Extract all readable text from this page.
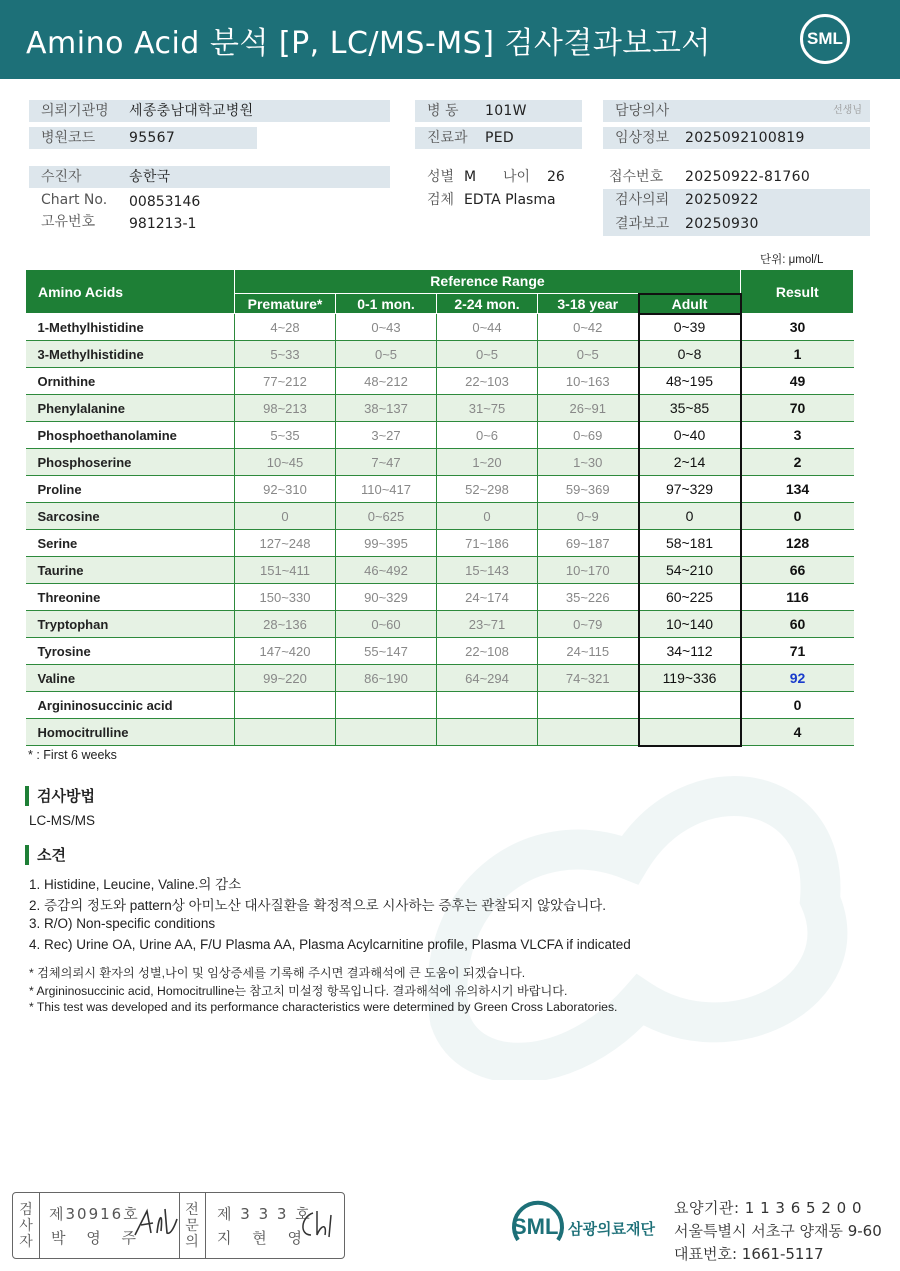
Amino Acid 분석 [P, LC/MS-MS] 검사결과보고서	SML
의뢰기관명 세종충남대학교병원
병원코드 95567
수진자	송한국
Chart No. 00853146
고유번호 981213-1
병 동 101W
진료과 PED
성별 M 나이 26
검체 EDTA Plasma
담당의사	선생님
임상정보 2025092100819
접수번호 20250922-81760
검사의뢰 20250922
결과보고 20250930
단위: μmol/L
Amino Acids	Reference Range					Result
	Premature*	0-1 mon.	2-24 mon.	3-18 year	Adult	
1-Methylhistidine	4~28	0~43	0~44	0~42	0~39	30
3-Methylhistidine	5~33	0~5	0~5	0~5	0~8	1
Ornithine	77~212	48~212	22~103	10~163	48~195	49
Phenylalanine	98~213	38~137	31~75	26~91	35~85	70
Phosphoethanolamine	5~35	3~27	0~6	0~69	0~40	3
Phosphoserine	10~45	7~47	1~20	1~30	2~14	2
Proline	92~310	110~417	52~298	59~369	97~329	134
Sarcosine	0	0~625	0	0~9	0	0
Serine	127~248	99~395	71~186	69~187	58~181	128
Taurine	151~411	46~492	15~143	10~170	54~210	66
Threonine	150~330	90~329	24~174	35~226	60~225	116
Tryptophan	28~136	0~60	23~71	0~79	10~140	60
Tyrosine	147~420	55~147	22~108	24~115	34~112	71
Valine	99~220	86~190	64~294	74~321	119~336	92
Argininosuccinic acid						0
Homocitrulline						4
* : First 6 weeks
검사방법
LC-MS/MS
소견
1. Histidine, Leucine, Valine.의 감소
2. 증감의 정도와 pattern상 아미노산 대사질환을 확정적으로 시사하는 증후는 관찰되지 않았습니다.
3. R/O) Non-specific conditions
4. Rec) Urine OA, Urine AA, F/U Plasma AA, Plasma Acylcarnitine profile, Plasma VLCFA if indicated
* 검체의뢰시 환자의 성별,나이 및 임상증세를 기록해 주시면 결과해석에 큰 도움이 되겠습니다.
* Argininosuccinic acid, Homocitrulline는 참고치 미설정 항목입니다. 결과해석에 유의하시기 바랍니다.
* This test was developed and its performance characteristics were determined by Green Cross Laboratories.
검
사
자
제30916호
박 영 주
전
문
의
제 3 3 3 호
지 현 영	SML 삼광의료재단
요양기관: 1 1 3 6 5 2 0 0
서울특별시 서초구 양재동 9-60
대표번호: 1661-5117
